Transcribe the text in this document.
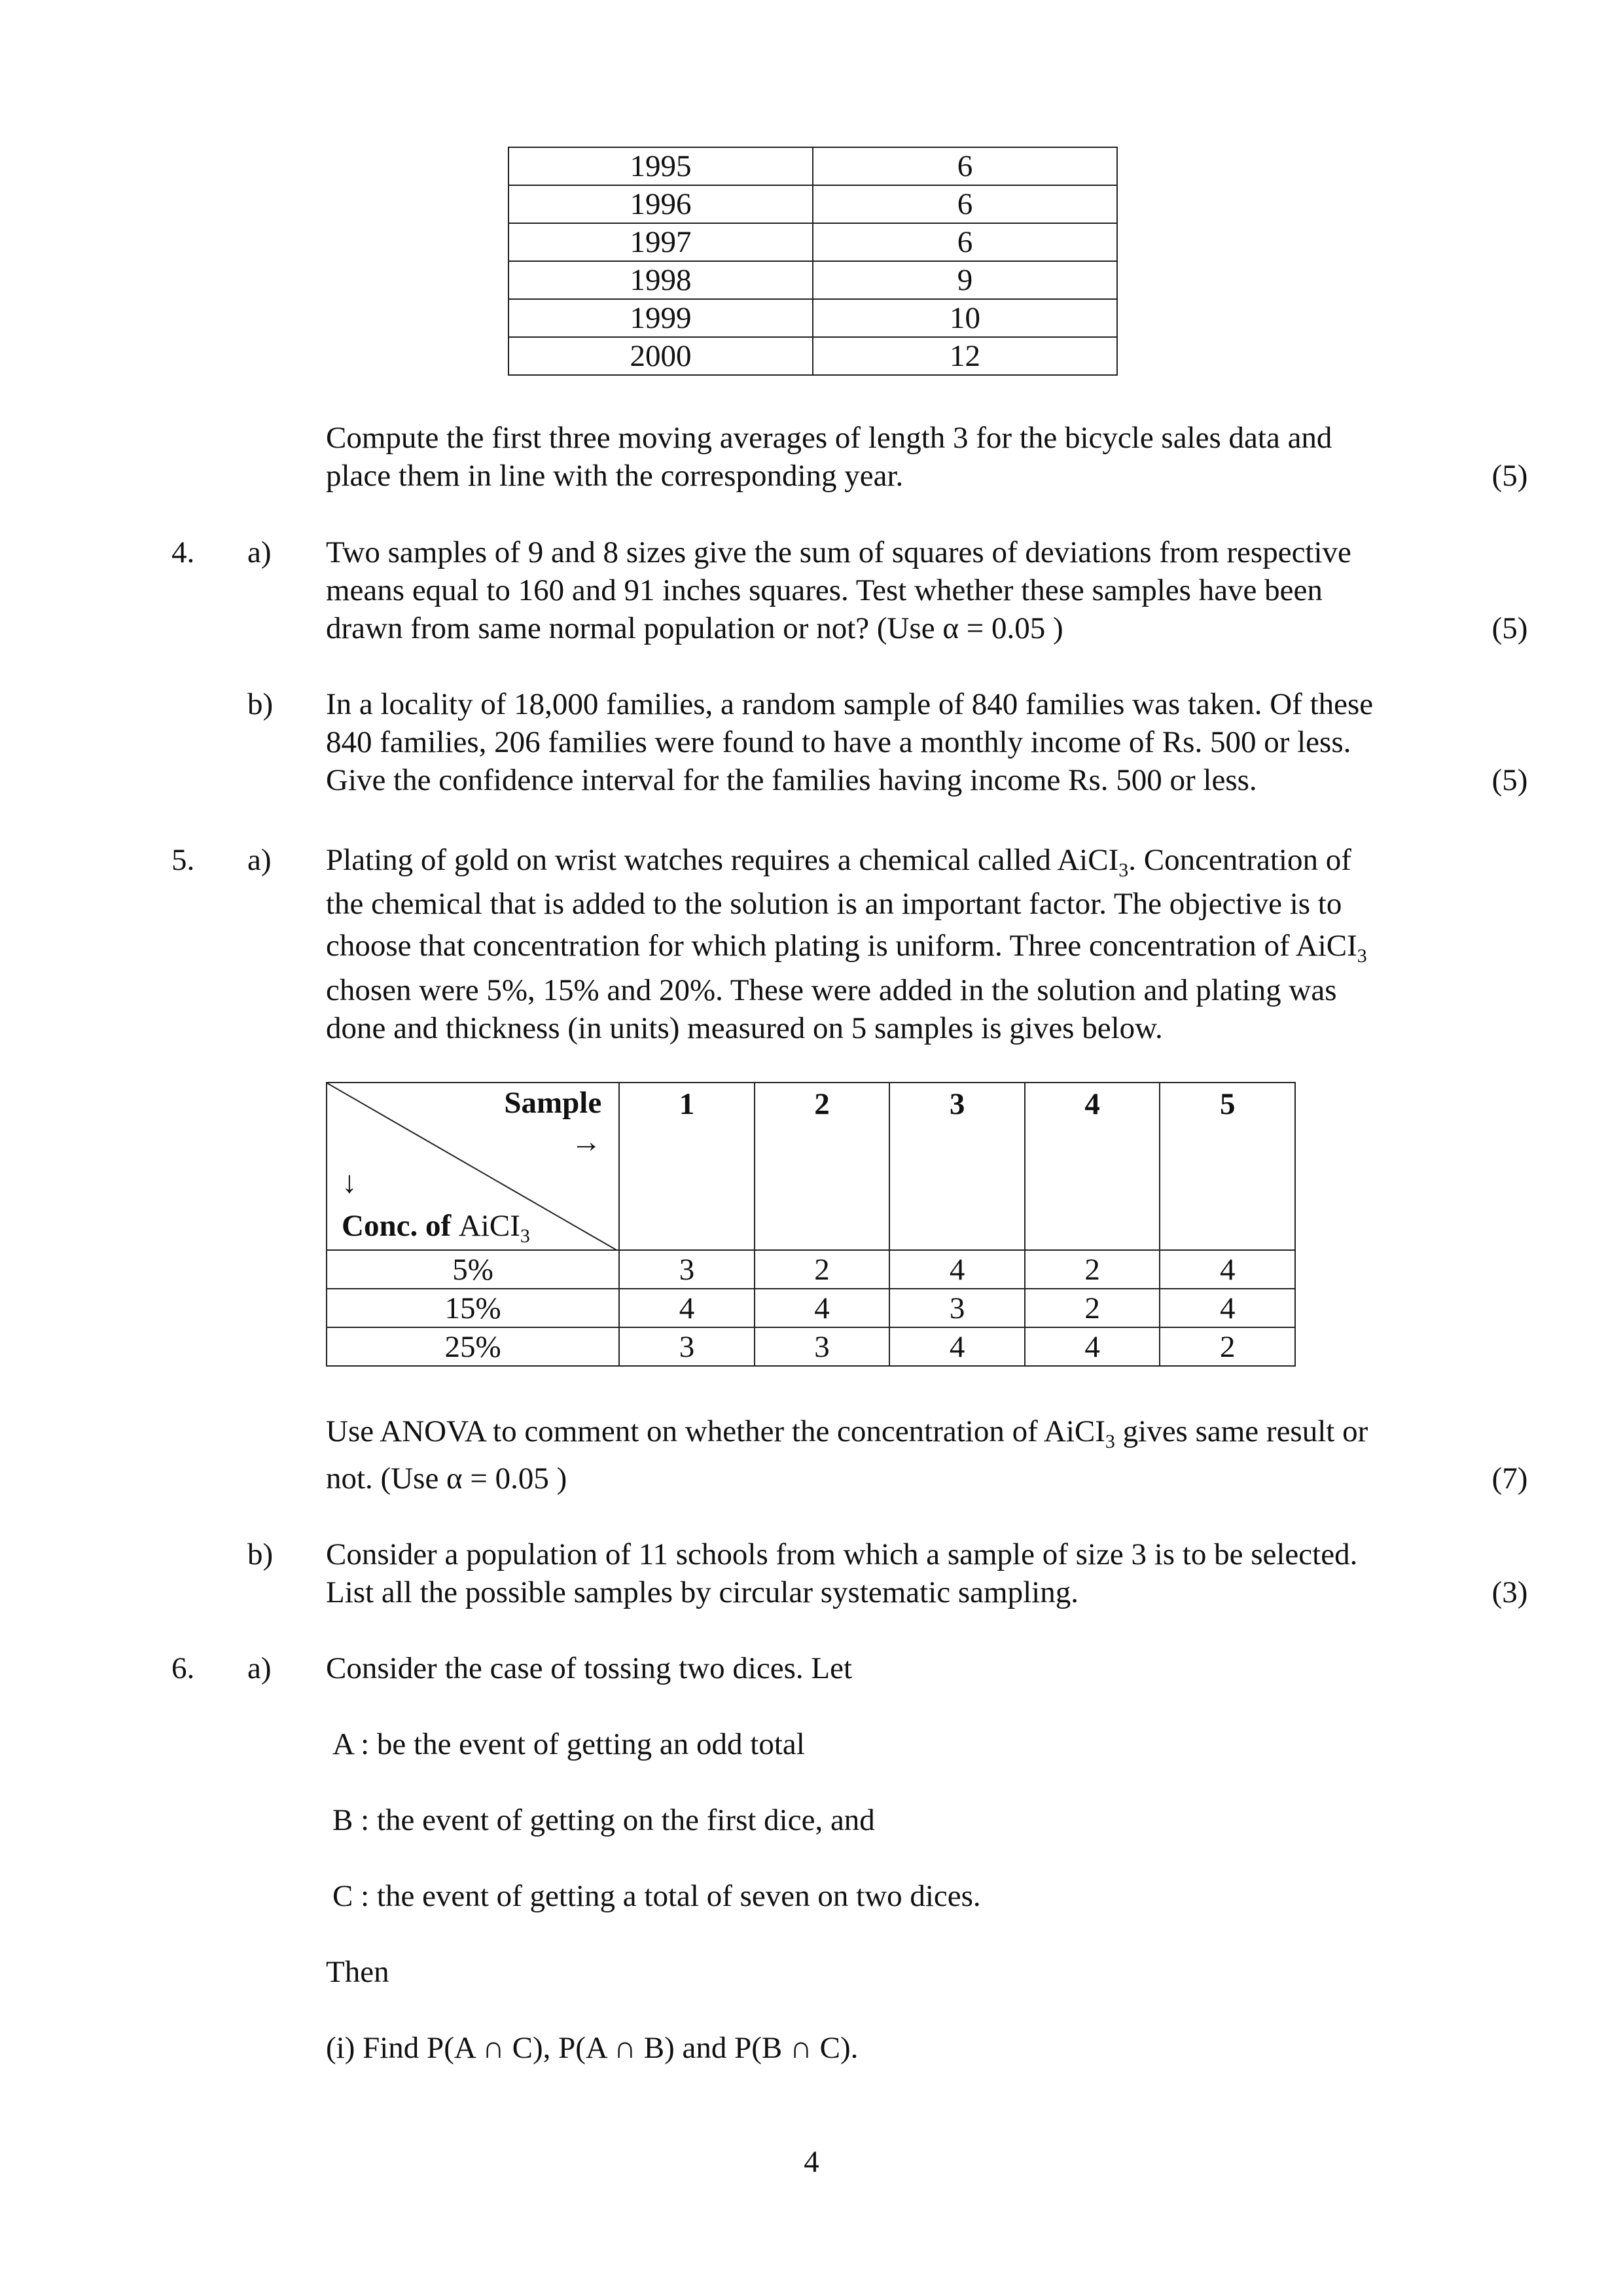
1995	6
1996	6
1997	6
1998	9
1999	10
2000	12
Compute the first three moving averages of length 3 for the bicycle sales data and
place them in line with the corresponding year.	(5)
4. a) Two samples of 9 and 8 sizes give the sum of squares of deviations from respective
means equal to 160 and 91 inches squares. Test whether these samples have been
drawn from same normal population or not? (Use α = 0.05 )	(5)
b) In a locality of 18,000 families, a random sample of 840 families was taken. Of these
840 families, 206 families were found to have a monthly income of Rs. 500 or less.
Give the confidence interval for the families having income Rs. 500 or less.	(5)
5. a) Plating of gold on wrist watches requires a chemical called AiCI$_3$. Concentration of
the chemical that is added to the solution is an important factor. The objective is to
choose that concentration for which plating is uniform. Three concentration of AiCI$_3$
chosen were 5%, 15% and 20%. These were added in the solution and plating was
done and thickness (in units) measured on 5 samples is gives below.
Sample
→
↓
Conc. of AiCI$_3$	1	2	3	4	5
5%	3	2	4	2	4
15%	4	4	3	2	4
25%	3	3	4	4	2
Use ANOVA to comment on whether the concentration of AiCI$_3$ gives same result or
not. (Use α = 0.05 )	(7)
b) Consider a population of 11 schools from which a sample of size 3 is to be selected.
List all the possible samples by circular systematic sampling.	(3)
6. a) Consider the case of tossing two dices. Let
A : be the event of getting an odd total
B : the event of getting on the first dice, and
C : the event of getting a total of seven on two dices.
Then
(i) Find P(A ∩ C), P(A ∩ B) and P(B ∩ C).
4
